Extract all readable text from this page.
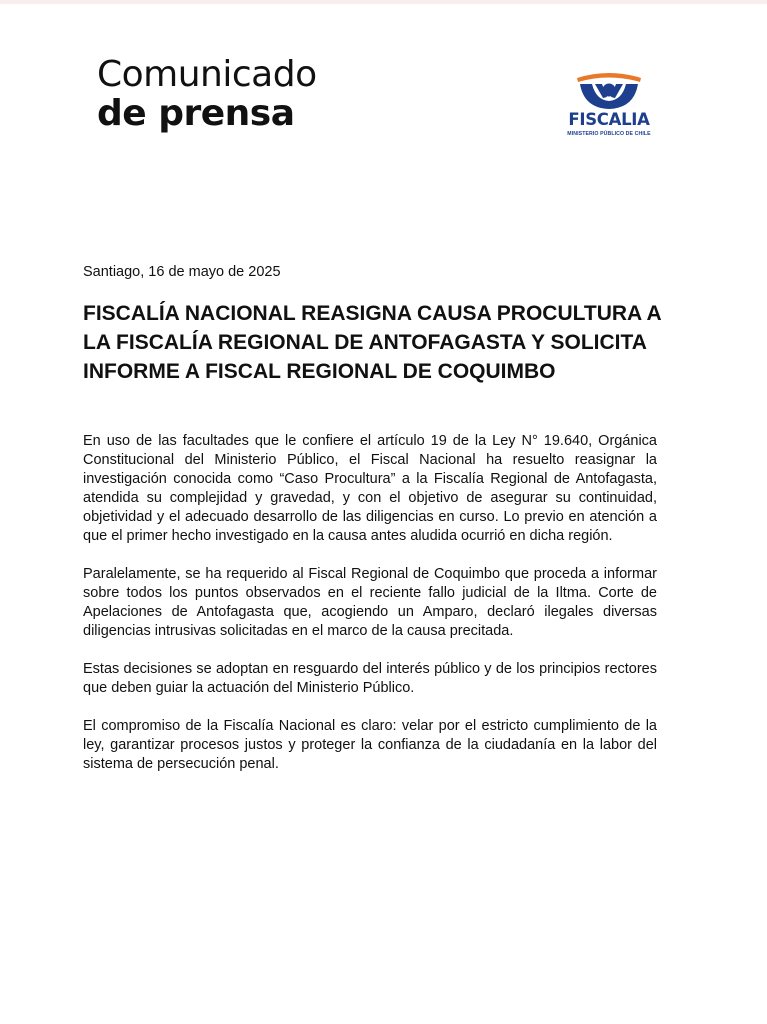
Comunicado
de prensa	FISCALIA
MINISTERIO PÚBLICO DE CHILE
Santiago, 16 de mayo de 2025
FISCALÍA NACIONAL REASIGNA CAUSA PROCULTURA A LA FISCALÍA REGIONAL DE ANTOFAGASTA Y SOLICITA INFORME A FISCAL REGIONAL DE COQUIMBO

En uso de las facultades que le confiere el artículo 19 de la Ley N° 19.640, Orgánica Constitucional del Ministerio Público, el Fiscal Nacional ha resuelto reasignar la investigación conocida como “Caso Procultura” a la Fiscalía Regional de Antofagasta, atendida su complejidad y gravedad, y con el objetivo de asegurar su continuidad, objetividad y el adecuado desarrollo de las diligencias en curso. Lo previo en atención a que el primer hecho investigado en la causa antes aludida ocurrió en dicha región.

Paralelamente, se ha requerido al Fiscal Regional de Coquimbo que proceda a informar sobre todos los puntos observados en el reciente fallo judicial de la Iltma. Corte de Apelaciones de Antofagasta que, acogiendo un Amparo, declaró ilegales diversas diligencias intrusivas solicitadas en el marco de la causa precitada.

Estas decisiones se adoptan en resguardo del interés público y de los principios rectores que deben guiar la actuación del Ministerio Público.

El compromiso de la Fiscalía Nacional es claro: velar por el estricto cumplimiento de la ley, garantizar procesos justos y proteger la confianza de la ciudadanía en la labor del sistema de persecución penal.
